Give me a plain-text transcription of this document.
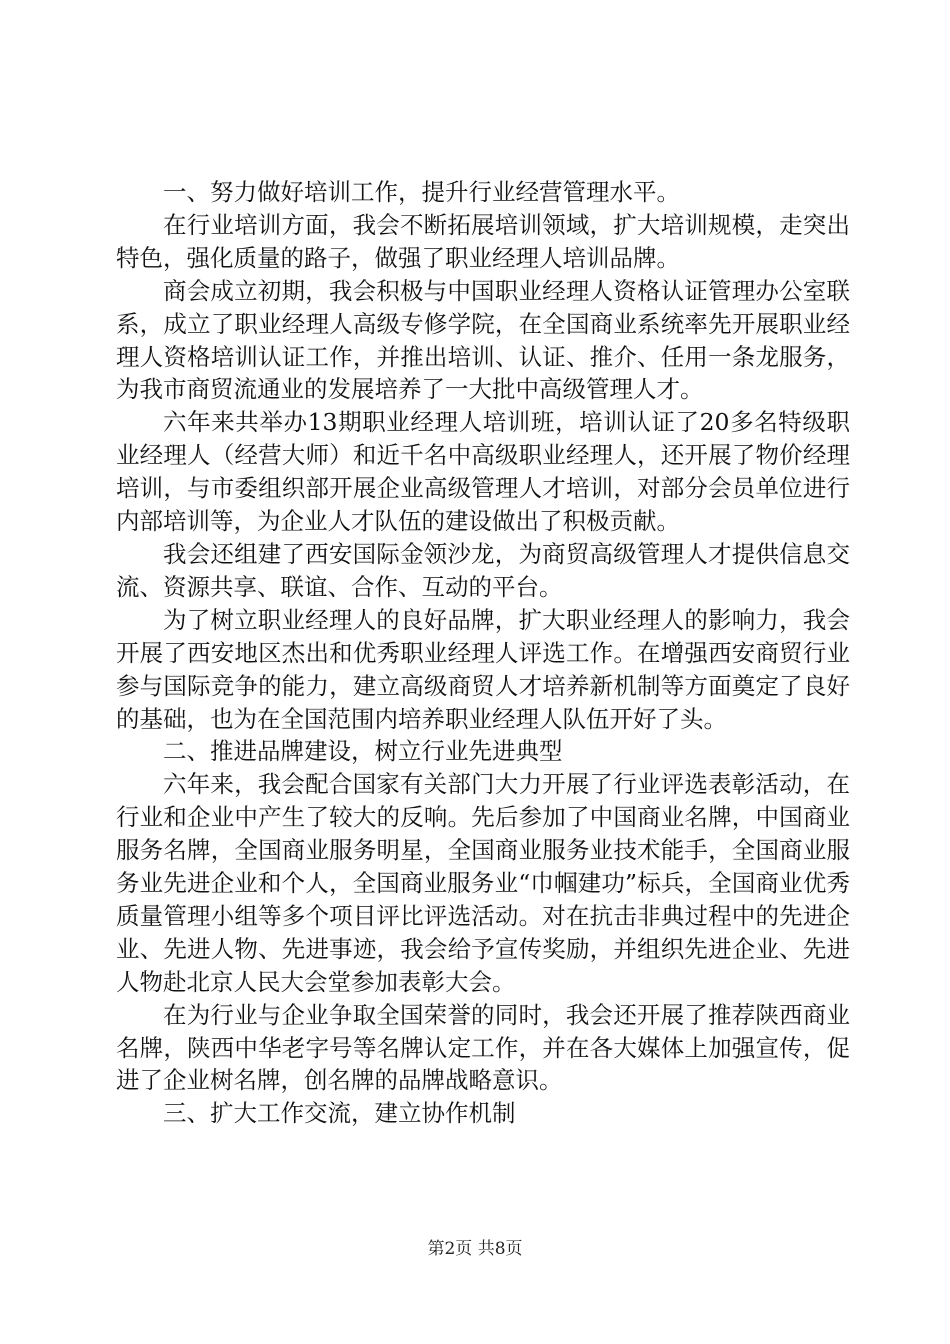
一、努力做好培训工作，提升行业经营管理水平。

在行业培训方面，我会不断拓展培训领域，扩大培训规模，走突出特色，强化质量的路子，做强了职业经理人培训品牌。

商会成立初期，我会积极与中国职业经理人资格认证管理办公室联系，成立了职业经理人高级专修学院，在全国商业系统率先开展职业经理人资格培训认证工作，并推出培训、认证、推介、任用一条龙服务，为我市商贸流通业的发展培养了一大批中高级管理人才。

六年来共举办13期职业经理人培训班，培训认证了20多名特级职业经理人（经营大师）和近千名中高级职业经理人，还开展了物价经理培训，与市委组织部开展企业高级管理人才培训，对部分会员单位进行内部培训等，为企业人才队伍的建设做出了积极贡献。

我会还组建了西安国际金领沙龙，为商贸高级管理人才提供信息交流、资源共享、联谊、合作、互动的平台。

为了树立职业经理人的良好品牌，扩大职业经理人的影响力，我会开展了西安地区杰出和优秀职业经理人评选工作。在增强西安商贸行业参与国际竞争的能力，建立高级商贸人才培养新机制等方面奠定了良好的基础，也为在全国范围内培养职业经理人队伍开好了头。

二、推进品牌建设，树立行业先进典型

六年来，我会配合国家有关部门大力开展了行业评选表彰活动，在行业和企业中产生了较大的反响。先后参加了中国商业名牌，中国商业服务名牌，全国商业服务明星，全国商业服务业技术能手，全国商业服务业先进企业和个人，全国商业服务业“巾帼建功”标兵，全国商业优秀质量管理小组等多个项目评比评选活动。对在抗击非典过程中的先进企业、先进人物、先进事迹，我会给予宣传奖励，并组织先进企业、先进人物赴北京人民大会堂参加表彰大会。

在为行业与企业争取全国荣誉的同时，我会还开展了推荐陕西商业名牌，陕西中华老字号等名牌认定工作，并在各大媒体上加强宣传，促进了企业树名牌，创名牌的品牌战略意识。

三、扩大工作交流，建立协作机制

第2页 共8页
